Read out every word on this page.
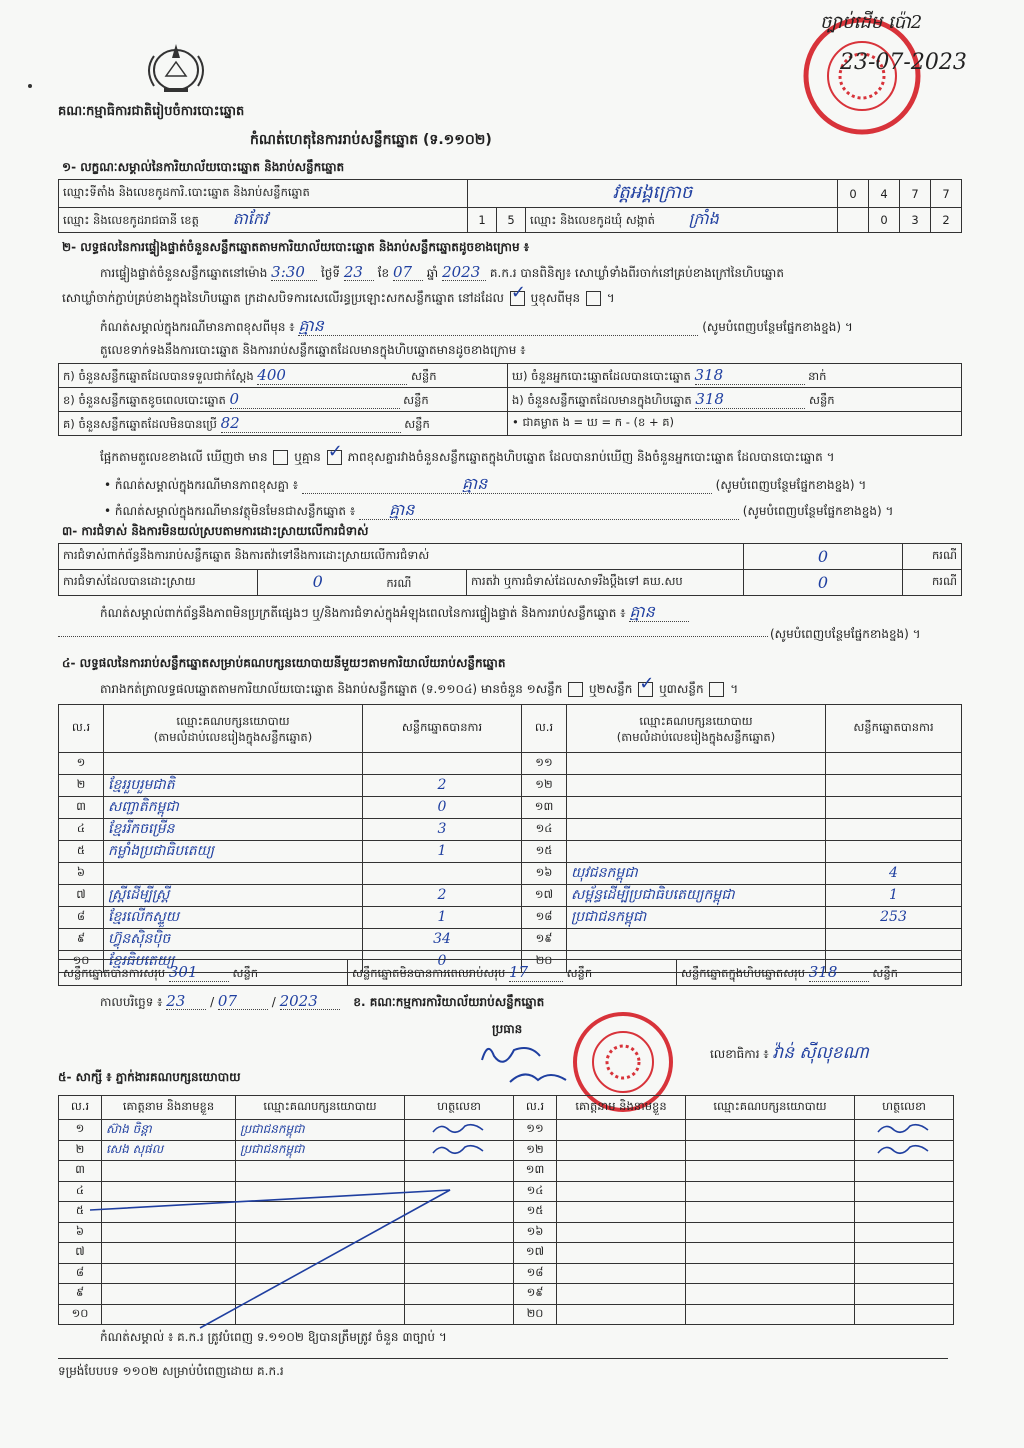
គណៈកម្មាធិការជាតិរៀបចំការបោះឆ្នោត
ច្បាប់ដើម ប៉ោ2
23-07-2023
កំណត់ហេតុនៃការរាប់សន្លឹកឆ្នោត (ទ.១១០២)
១- លក្ខណៈសម្គាល់នៃការិយាល័យបោះឆ្នោត និងរាប់សន្លឹកឆ្នោត
ឈ្មោះទីតាំង និងលេខកូដការិ.បោះឆ្នោត និងរាប់សន្លឹកឆ្នោត	វត្តអង្គក្រោច			0	4	7	7
ឈ្មោះ និងលេខកូដរាជធានី ខេត្ត តាកែវ	1	5	ឈ្មោះ និងលេខកូដឃុំ សង្កាត់ ក្រាំង		0	3	2
២- លទ្ធផលនៃការផ្ទៀងផ្ទាត់ចំនួនសន្លឹកឆ្នោតតាមការិយាល័យបោះឆ្នោត និងរាប់សន្លឹកឆ្នោតដូចខាងក្រោម ៖
ការផ្ទៀងផ្ទាត់ចំនួនសន្លឹកឆ្នោតនៅម៉ោង 3:30 ថ្ងៃទី 23 ខែ 07 ឆ្នាំ 2023 គ.ក.រ បានពិនិត្យ៖ សោឃ្លាំទាំងពីរចាក់នៅគ្រប់ខាងក្រៅនៃហិបឆ្នោត
សោឃ្លាំចាក់ភ្ជាប់គ្រប់ខាងក្នុងនៃហិបឆ្នោត ក្រដាសបិទការសេលើរន្ធប្រឡោះសកសន្លឹកឆ្នោត នៅដដែល ✓ ឬខុសពីមុន  ។
កំណត់សម្គាល់ក្នុងករណីមានភាពខុសពីមុន ៖ គ្មាន	(សូមបំពេញបន្ថែមផ្នែកខាងខ្នង) ។
តួលេខទាក់ទងនឹងការបោះឆ្នោត និងការរាប់សន្លឹកឆ្នោតដែលមានក្នុងហិបឆ្នោតមានដូចខាងក្រោម ៖
ក) ចំនួនសន្លឹកឆ្នោតដែលបានទទួលជាក់ស្តែង 400 សន្លឹក	ឃ) ចំនួនអ្នកបោះឆ្នោតដែលបានបោះឆ្នោត 318 នាក់
ខ) ចំនួនសន្លឹកឆ្នោតខូចពេលបោះឆ្នោត 0 សន្លឹក	ង) ចំនួនសន្លឹកឆ្នោតដែលមានក្នុងហិបឆ្នោត 318 សន្លឹក
គ) ចំនួនសន្លឹកឆ្នោតដែលមិនបានប្រើ 82 សន្លឹក	• ជាគម្លាត ង = ឃ = ក - (ខ + គ)
ផ្អែកតាមតួលេខខាងលើ ឃើញថា មាន ឬគ្មាន ✓ ភាពខុសគ្នារវាងចំនួនសន្លឹកឆ្នោតក្នុងហិបឆ្នោត ដែលបានរាប់ឃើញ និងចំនួនអ្នកបោះឆ្នោត ដែលបានបោះឆ្នោត ។
• កំណត់សម្គាល់ក្នុងករណីមានភាពខុសគ្នា ៖	គ្មាន	(សូមបំពេញបន្ថែមផ្នែកខាងខ្នង) ។
• កំណត់សម្គាល់ក្នុងករណីមានវត្ថុមិនមែនជាសន្លឹកឆ្នោត ៖ គ្មាន	(សូមបំពេញបន្ថែមផ្នែកខាងខ្នង) ។
៣- ការជំទាស់ និងការមិនយល់ស្របតាមការដោះស្រាយលើការជំទាស់
ការជំទាស់ពាក់ព័ន្ធនឹងការរាប់សន្លឹកឆ្នោត និងការតវ៉ាទៅនឹងការដោះស្រាយលើការជំទាស់			0	ករណី
ការជំទាស់ដែលបានដោះស្រាយ	0 ករណី	ការតវ៉ា ឬការជំទាស់ដែលសាទរឹងប្តឹងទៅ គឃ.សប	0	ករណី
កំណត់សម្គាល់ពាក់ព័ន្ធនឹងភាពមិនប្រក្រតីផ្សេងៗ ឬ/និងការជំទាស់ក្នុងអំឡុងពេលនៃការផ្ទៀងផ្ទាត់ និងការរាប់សន្លឹកឆ្នោត ៖ គ្មាន
(សូមបំពេញបន្ថែមផ្នែកខាងខ្នង) ។
៤- លទ្ធផលនៃការរាប់សន្លឹកឆ្នោតសម្រាប់គណបក្សនយោបាយនីមួយៗតាមការិយាល័យរាប់សន្លឹកឆ្នោត
តារាងកត់ត្រាលទ្ធផលឆ្នោតតាមការិយាល័យបោះឆ្នោត និងរាប់សន្លឹកឆ្នោត (ទ.១១០៤) មានចំនួន ១សន្លឹក ឬ២សន្លឹក ✓ ឬ៣សន្លឹក  ។
ល.រ	ឈ្មោះគណបក្សនយោបាយ
(តាមលំដាប់លេខរៀងក្នុងសន្លឹកឆ្នោត)	សន្លឹកឆ្នោតបានការ	ល.រ	ឈ្មោះគណបក្សនយោបាយ
(តាមលំដាប់លេខរៀងក្នុងសន្លឹកឆ្នោត)	សន្លឹកឆ្នោតបានការ
១			១១		
២	ខ្មែររួបរួមជាតិ	2	១២		
៣	សញ្ជាតិកម្ពុជា	0	១៣		
៤	ខ្មែររីកចម្រើន	3	១៤		
៥	កម្លាំងប្រជាធិបតេយ្យ	1	១៥		
៦			១៦	យុវជនកម្ពុជា	4
៧	ស្ត្រីដើម្បីស្ត្រី	2	១៧	សម្ព័ន្ធដើម្បីប្រជាធិបតេយ្យកម្ពុជា	1
៨	ខ្មែរលើកស្ទួយ	1	១៨	ប្រជាជនកម្ពុជា	253
៩	ហ៊្វុនស៊ិនប៉ិច	34	១៩		
១០	ខ្មែរធិបតេយ្យ	0	២០		
សន្លឹកឆ្នោតបានការសរុប 301	សន្លឹក	សន្លឹកឆ្នោតមិនបានការពេលរាប់សរុប 17	សន្លឹក	សន្លឹកឆ្នោតក្នុងហិបឆ្នោតសរុប 318	សន្លឹក
កាលបរិច្ឆេទ ៖ 23 / 07	/ 2023	ខ. គណៈកម្មការការិយាល័យរាប់សន្លឹកឆ្នោត
ប្រធាន
លេខាធិការ ៖ វ៉ាន់ ស៊ីលុខណា
៥- សាក្សី ៖ ភ្នាក់ងារគណបក្សនយោបាយ
ល.រ	គោត្តនាម និងនាមខ្លួន	ឈ្មោះគណបក្សនយោបាយ	ហត្ថលេខា	ល.រ	គោត្តនាម និងនាមខ្លួន	ឈ្មោះគណបក្សនយោបាយ	ហត្ថលេខា
១	ស៊ាង ចិន្តា	ប្រជាជនកម្ពុជា		១១			
២	សេង សុផល	ប្រជាជនកម្ពុជា		១២			
៣				១៣			
៤				១៤			
៥				១៥			
៦				១៦			
៧				១៧			
៨				១៨			
៩				១៩			
១០				២០			
កំណត់សម្គាល់ ៖ គ.ក.រ ត្រូវបំពេញ ទ.១១០២ ឱ្យបានត្រឹមត្រូវ ចំនួន ៣ច្បាប់ ។
ទម្រង់បែបបទ ១១០២ សម្រាប់បំពេញដោយ គ.ក.រ
